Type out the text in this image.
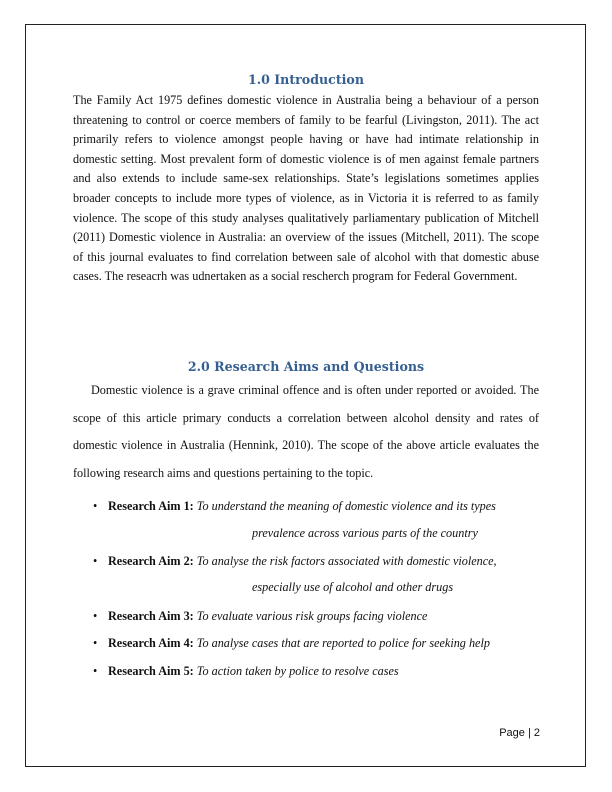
1.0 Introduction

The Family Act 1975 defines domestic violence in Australia being a behaviour of a person threatening to control or coerce members of family to be fearful (Livingston, 2011). The act primarily refers to violence amongst people having or have had intimate relationship in domestic setting. Most prevalent form of domestic violence is of men against female partners and also extends to include same-sex relationships. State’s legislations sometimes applies broader concepts to include more types of violence, as in Victoria it is referred to as family violence. The scope of this study analyses qualitatively parliamentary publication of Mitchell (2011) Domestic violence in Australia: an overview of the issues (Mitchell, 2011). The scope of this journal evaluates to find correlation between sale of alcohol with that domestic abuse cases. The reseacrh was udnertaken as a social rescherch program for Federal Government.

2.0 Research Aims and Questions

Domestic violence is a grave criminal offence and is often under reported or avoided. The scope of this article primary conducts a correlation between alcohol density and rates of domestic violence in Australia (Hennink, 2010). The scope of the above article evaluates the following research aims and questions pertaining to the topic.

• Research Aim 1: To understand the meaning of domestic violence and its types
prevalence across various parts of the country
• Research Aim 2: To analyse the risk factors associated with domestic violence,
especially use of alcohol and other drugs
• Research Aim 3: To evaluate various risk groups facing violence
• Research Aim 4: To analyse cases that are reported to police for seeking help
• Research Aim 5: To action taken by police to resolve cases
Page | 2
